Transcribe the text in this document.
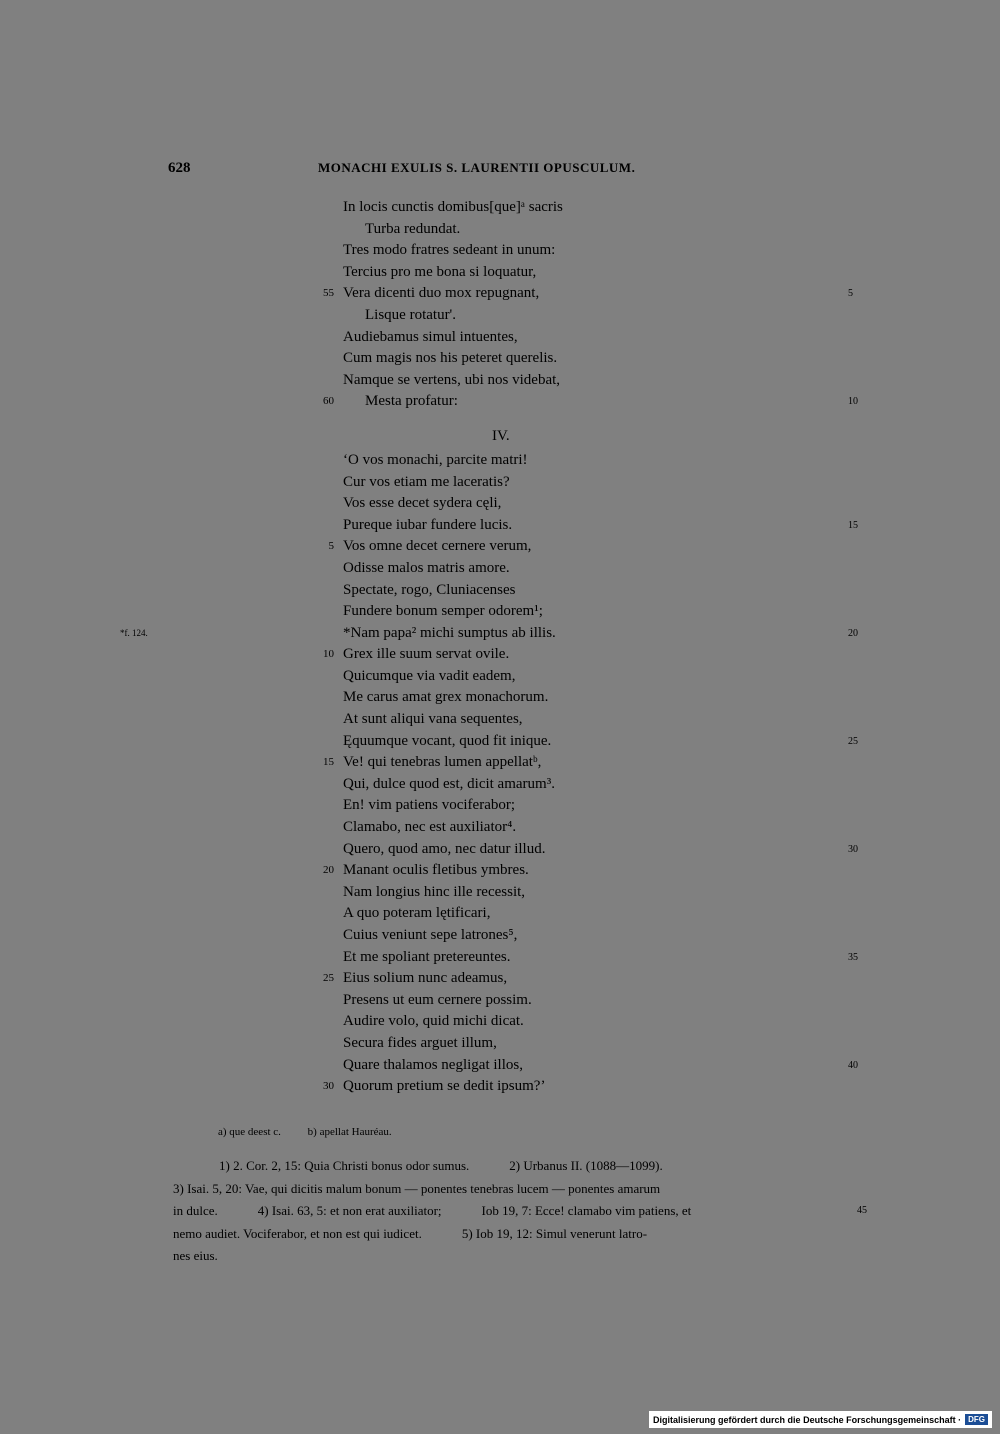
628	MONACHI EXULIS S. LAURENTII OPUSCULUM.
In locis cunctis domibus[que]ᵃ sacris
Turba redundat.
Tres modo fratres sedeant in unum:
Tercius pro me bona si loquatur,
55 Vera dicenti duo mox repugnant,	5
Lisque rotatur'.
Audiebamus simul intuentes,
Cum magis nos his peteret querelis.
Namque se vertens, ubi nos videbat,
60 Mesta profatur:	10
IV.
‘O vos monachi, parcite matri!
Cur vos etiam me laceratis?
Vos esse decet sydera cęli,
Pureque iubar fundere lucis.	15
5 Vos omne decet cernere verum,
Odisse malos matris amore.
Spectate, rogo, Cluniacenses
Fundere bonum semper odorem¹;
*f. 124.	*Nam papa² michi sumptus ab illis.	20
10 Grex ille suum servat ovile.
Quicumque via vadit eadem,
Me carus amat grex monachorum.
At sunt aliqui vana sequentes,
Ęquumque vocant, quod fit inique.	25
15 Ve! qui tenebras lumen appellatᵇ,
Qui, dulce quod est, dicit amarum³.
En! vim patiens vociferabor;
Clamabo, nec est auxiliator⁴.
Quero, quod amo, nec datur illud.	30
20 Manant oculis fletibus ymbres.
Nam longius hinc ille recessit,
A quo poteram lętificari,
Cuius veniunt sepe latrones⁵,
Et me spoliant pretereuntes.	35
25 Eius solium nunc adeamus,
Presens ut eum cernere possim.
Audire volo, quid michi dicat.
Secura fides arguet illum,
Quare thalamos negligat illos,	40
30 Quorum pretium se dedit ipsum?’
a) que deest c. b) apellat Hauréau.
1) 2. Cor. 2, 15: Quia Christi bonus odor sumus.	2) Urbanus II. (1088—1099).
3) Isai. 5, 20: Vae, qui dicitis malum bonum — ponentes tenebras lucem — ponentes amarum
in dulce.	4) Isai. 63, 5: et non erat auxiliator;	Iob 19, 7: Ecce! clamabo vim patiens, et	45
nemo audiet. Vociferabor, et non est qui iudicet.	5) Iob 19, 12: Simul venerunt latro-
nes eius.
Digitalisierung gefördert durch die Deutsche Forschungsgemeinschaft · DFG
